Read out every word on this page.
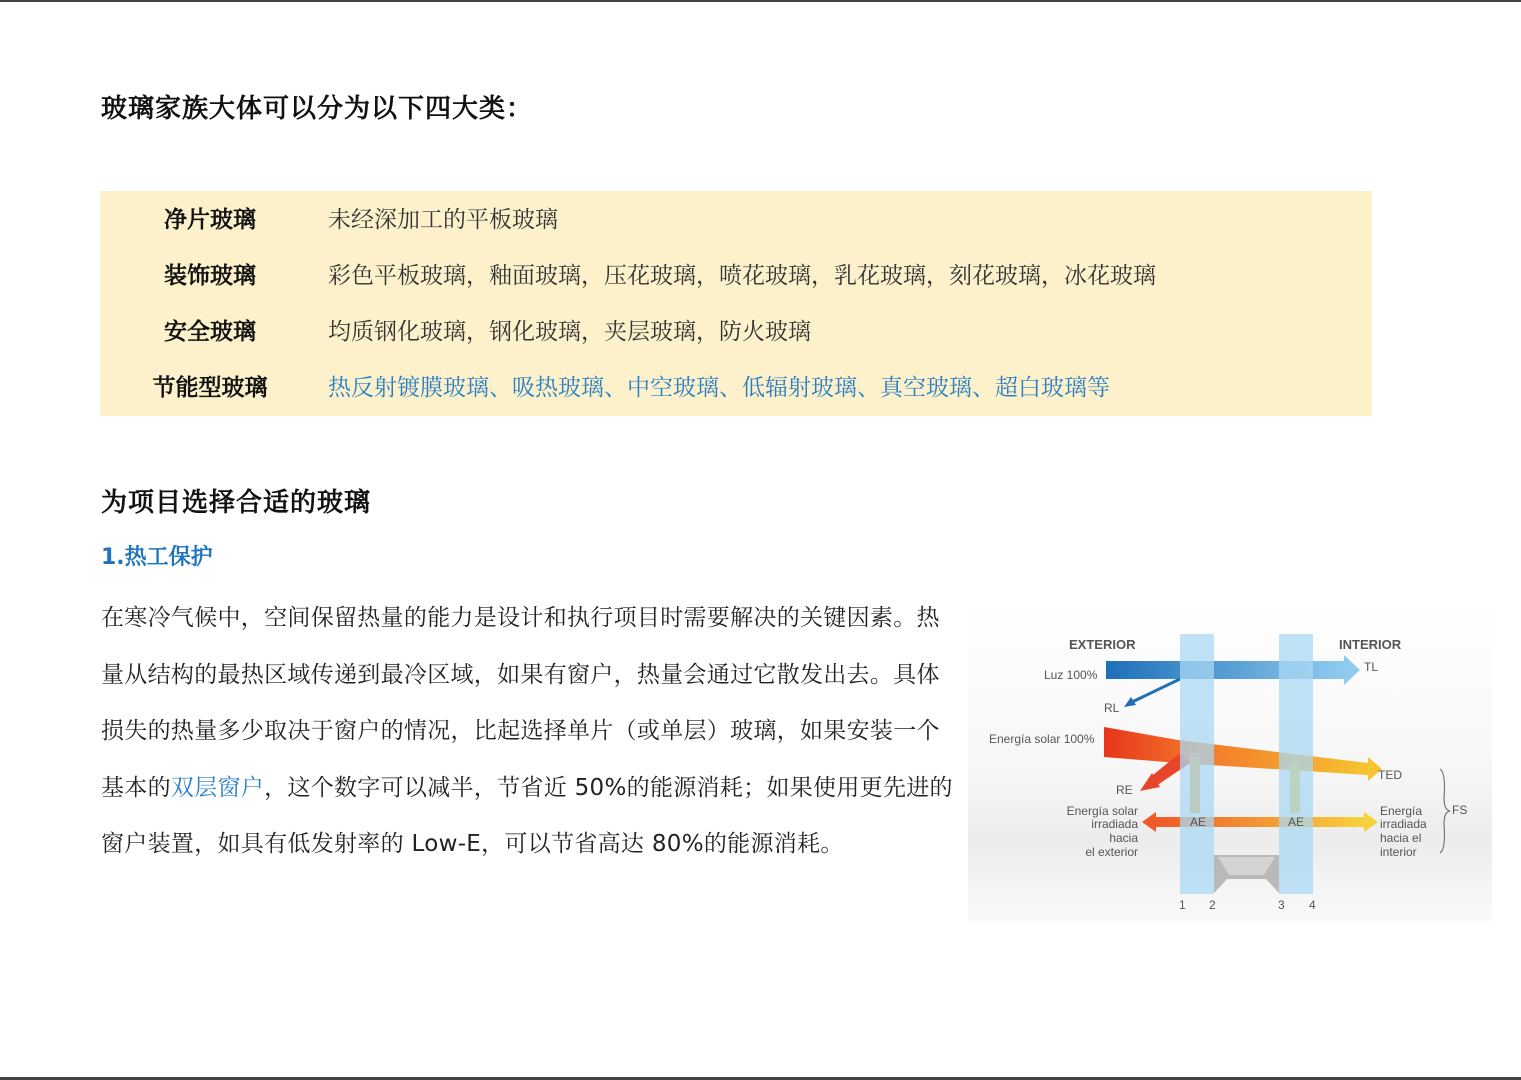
玻璃家族大体可以分为以下四大类：
净片玻璃	未经深加工的平板玻璃
装饰玻璃	彩色平板玻璃，釉面玻璃，压花玻璃，喷花玻璃，乳花玻璃，刻花玻璃，冰花玻璃
安全玻璃	均质钢化玻璃，钢化玻璃，夹层玻璃，防火玻璃
节能型玻璃	热反射镀膜玻璃、吸热玻璃、中空玻璃、低辐射玻璃、真空玻璃、超白玻璃等
为项目选择合适的玻璃
1.热工保护
在寒冷气候中，空间保留热量的能力是设计和执行项目时需要解决的关键因素。热量从结构的最热区域传递到最冷区域，如果有窗户，热量会通过它散发出去。具体损失的热量多少取决于窗户的情况，比起选择单片（或单层）玻璃，如果安装一个基本的双层窗户，这个数字可以减半，节省近 50%的能源消耗；如果使用更先进的窗户装置，如具有低发射率的 Low-E，可以节省高达 80%的能源消耗。
EXTERIOR	INTERIOR
Luz 100%
TL
RL
Energía solar 100%
TED
RE
FS
AE	AE
Energía solar
irradiada
hacia
el exterior
Energía
irradiada
hacia el
interior
1 2	3 4
